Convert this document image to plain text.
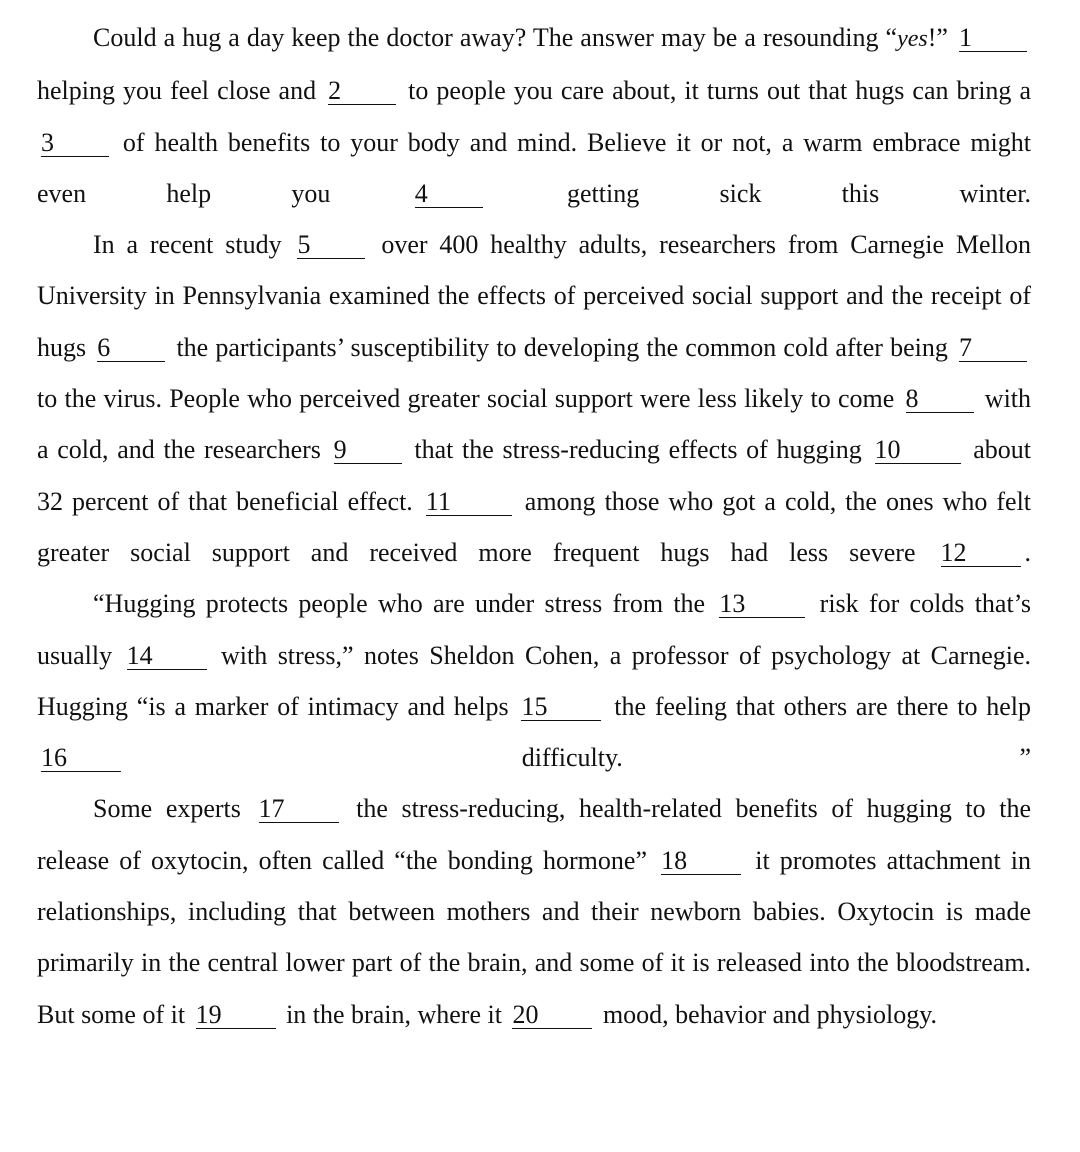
Could a hug a day keep the doctor away? The answer may be a resounding “yes!” 1 helping you feel close and 2	to people you care about, it turns out that hugs can bring a 3	of health benefits to your body and mind. Believe it or not, a warm embrace might even help you	4	getting sick this winter.

In a recent study 5	over 400 healthy adults, researchers from Carnegie Mellon University in Pennsylvania examined the effects of perceived social support and the receipt of hugs 6	the participants’ susceptibility to developing the common cold after being 7 to the virus. People who perceived greater social support were less likely to come 8	with a cold, and the researchers 9	that the stress-reducing effects of hugging 10	about 32 percent of that beneficial effect. 11	among those who got a cold, the ones who felt greater social support and received more frequent hugs had less severe 12 .

“Hugging protects people who are under stress from the 13	risk for colds that’s usually 14	with stress,” notes Sheldon Cohen, a professor of psychology at Carnegie. Hugging “is a marker of intimacy and helps 15	the feeling that others are there to help 16	difficulty. ”

Some experts 17	the stress-reducing, health-related benefits of hugging to the release of oxytocin, often called “the bonding hormone” 18	it promotes attachment in relationships, including that between mothers and their newborn babies. Oxytocin is made primarily in the central lower part of the brain, and some of it is released into the bloodstream. But some of it 19 in the brain, where it 20 mood, behavior and physiology.
